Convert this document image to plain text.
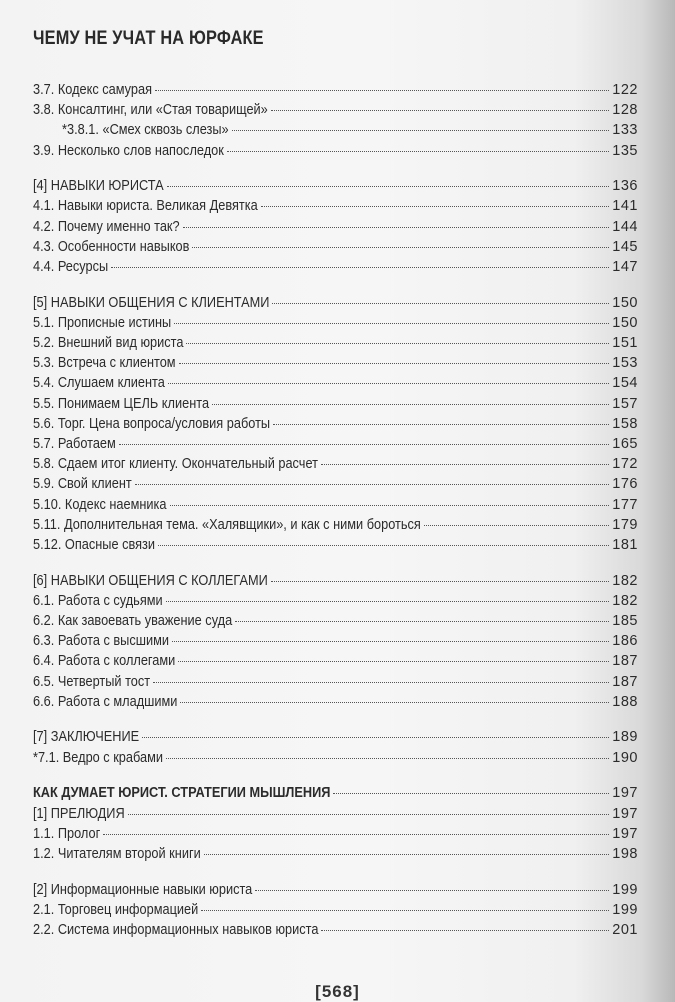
ЧЕМУ НЕ УЧАТ НА ЮРФАКЕ
3.7. Кодекс самурая	122
3.8. Консалтинг, или «Стая товарищей»	128
*3.8.1. «Смех сквозь слезы»	133
3.9. Несколько слов напоследок	135
[4] НАВЫКИ ЮРИСТА	136
4.1. Навыки юриста. Великая Девятка	141
4.2. Почему именно так?	144
4.3. Особенности навыков	145
4.4. Ресурсы	147
[5] НАВЫКИ ОБЩЕНИЯ С КЛИЕНТАМИ	150
5.1. Прописные истины	150
5.2. Внешний вид юриста	151
5.3. Встреча с клиентом	153
5.4. Слушаем клиента	154
5.5. Понимаем ЦЕЛЬ клиента	157
5.6. Торг. Цена вопроса/условия работы	158
5.7. Работаем	165
5.8. Сдаем итог клиенту. Окончательный расчет	172
5.9. Свой клиент	176
5.10. Кодекс наемника	177
5.11. Дополнительная тема. «Халявщики», и как с ними бороться	179
5.12. Опасные связи	181
[6] НАВЫКИ ОБЩЕНИЯ С КОЛЛЕГАМИ	182
6.1. Работа с судьями	182
6.2. Как завоевать уважение суда	185
6.3. Работа с высшими	186
6.4. Работа с коллегами	187
6.5. Четвертый тост	187
6.6. Работа с младшими	188
[7] ЗАКЛЮЧЕНИЕ	189
*7.1. Ведро с крабами	190
КАК ДУМАЕТ ЮРИСТ. СТРАТЕГИИ МЫШЛЕНИЯ	197
[1] ПРЕЛЮДИЯ	197
1.1. Пролог	197
1.2. Читателям второй книги	198
[2] Информационные навыки юриста	199
2.1. Торговец информацией	199
2.2. Система информационных навыков юриста	201
[568]
